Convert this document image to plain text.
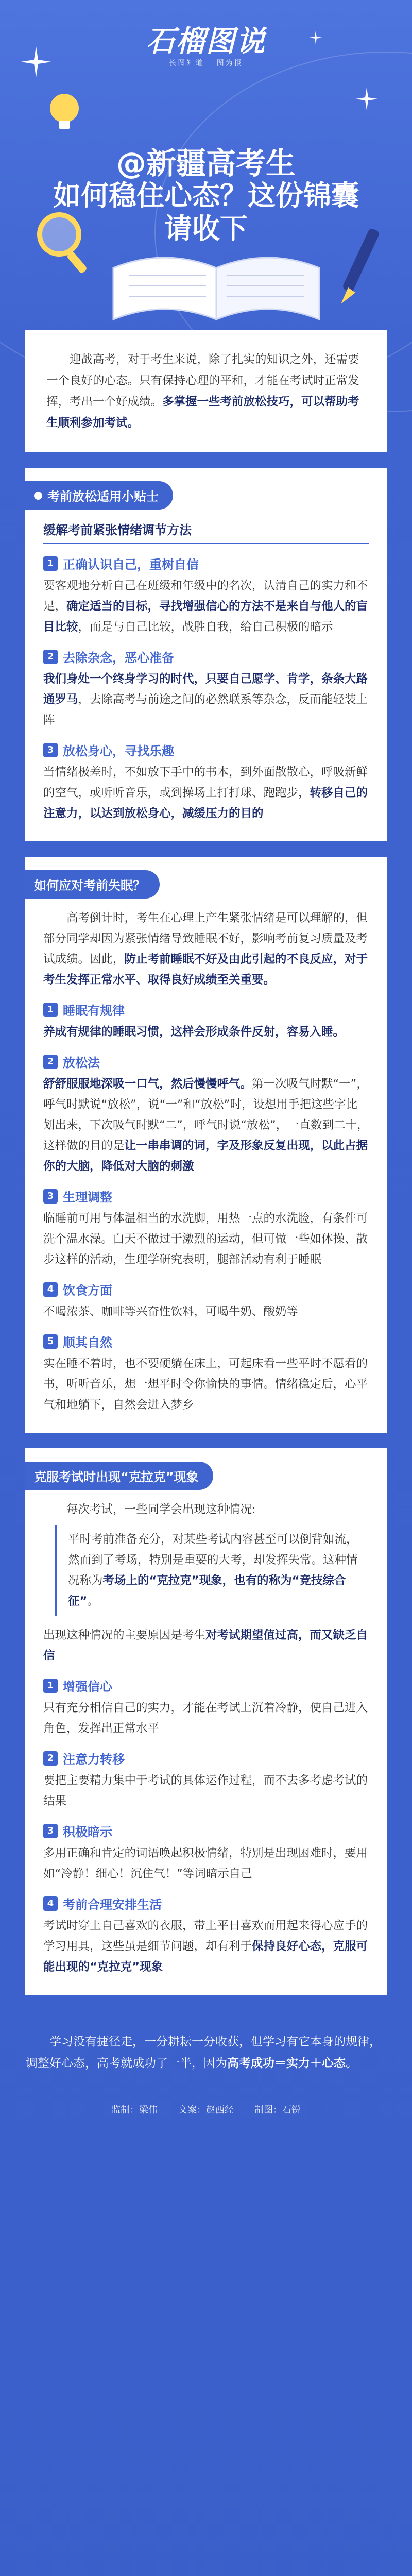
石榴图说
长图知道 一图为报
@新疆高考生
如何稳住心态？这份锦囊
请收下
迎战高考，对于考生来说，除了扎实的知识之外，还需要一个良好的心态。只有保持心理的平和，才能在考试时正常发挥，考出一个好成绩。多掌握一些考前放松技巧，可以帮助考生顺利参加考试。
考前放松适用小贴士
缓解考前紧张情绪调节方法
1 正确认识自己，重树自信
要客观地分析自己在班级和年级中的名次，认清自己的实力和不足，确定适当的目标，寻找增强信心的方法不是来自与他人的盲目比较，而是与自己比较，战胜自我，给自己积极的暗示
2 去除杂念，恶心准备
我们身处一个终身学习的时代，只要自己愿学、肯学，条条大路通罗马，去除高考与前途之间的必然联系等杂念，反而能轻装上阵
3 放松身心，寻找乐趣
当情绪极差时，不如放下手中的书本，到外面散散心，呼吸新鲜的空气，或听听音乐，或到操场上打打球、跑跑步，转移自己的注意力，以达到放松身心，减缓压力的目的
如何应对考前失眠？
高考倒计时，考生在心理上产生紧张情绪是可以理解的，但部分同学却因为紧张情绪导致睡眠不好，影响考前复习质量及考试成绩。因此，防止考前睡眠不好及由此引起的不良反应，对于考生发挥正常水平、取得良好成绩至关重要。
1 睡眠有规律
养成有规律的睡眠习惯，这样会形成条件反射，容易入睡。
2 放松法
舒舒服服地深吸一口气，然后慢慢呼气。第一次吸气时默“一”，呼气时默说“放松”，说“一”和“放松”时，设想用手把这些字比划出来，下次吸气时默“二”，呼气时说“放松”，一直数到二十，这样做的目的是让一串串调的词，字及形象反复出现，以此占据你的大脑，降低对大脑的刺激
3 生理调整
临睡前可用与体温相当的水洗脚，用热一点的水洗脸，有条件可洗个温水澡。白天不做过于激烈的运动，但可做一些如体操、散步这样的活动，生理学研究表明，腿部活动有利于睡眠
4 饮食方面
不喝浓茶、咖啡等兴奋性饮料，可喝牛奶、酸奶等
5 顺其自然
实在睡不着时，也不要硬躺在床上，可起床看一些平时不愿看的书，听听音乐，想一想平时令你愉快的事情。情绪稳定后，心平气和地躺下，自然会进入梦乡
克服考试时出现“克拉克”现象
每次考试，一些同学会出现这种情况:
平时考前准备充分，对某些考试内容甚至可以倒背如流，然而到了考场，特别是重要的大考，却发挥失常。这种情况称为考场上的“克拉克”现象，也有的称为“竞技综合征”。
出现这种情况的主要原因是考生对考试期望值过高，而又缺乏自信
1 增强信心
只有充分相信自己的实力，才能在考试上沉着冷静，使自己进入角色，发挥出正常水平
2 注意力转移
要把主要精力集中于考试的具体运作过程，而不去多考虑考试的结果
3 积极暗示
多用正确和肯定的词语唤起积极情绪，特别是出现困难时，要用如“冷静！细心！沉住气！”等词暗示自己
4 考前合理安排生活
考试时穿上自己喜欢的衣服，带上平日喜欢而用起来得心应手的学习用具，这些虽是细节问题，却有利于保持良好心态，克服可能出现的“克拉克”现象
学习没有捷径走，一分耕耘一分收获，但学习有它本身的规律，调整好心态，高考就成功了一半，因为高考成功＝实力＋心态。
监制：梁伟 文案：赵西经 制图：石锐
